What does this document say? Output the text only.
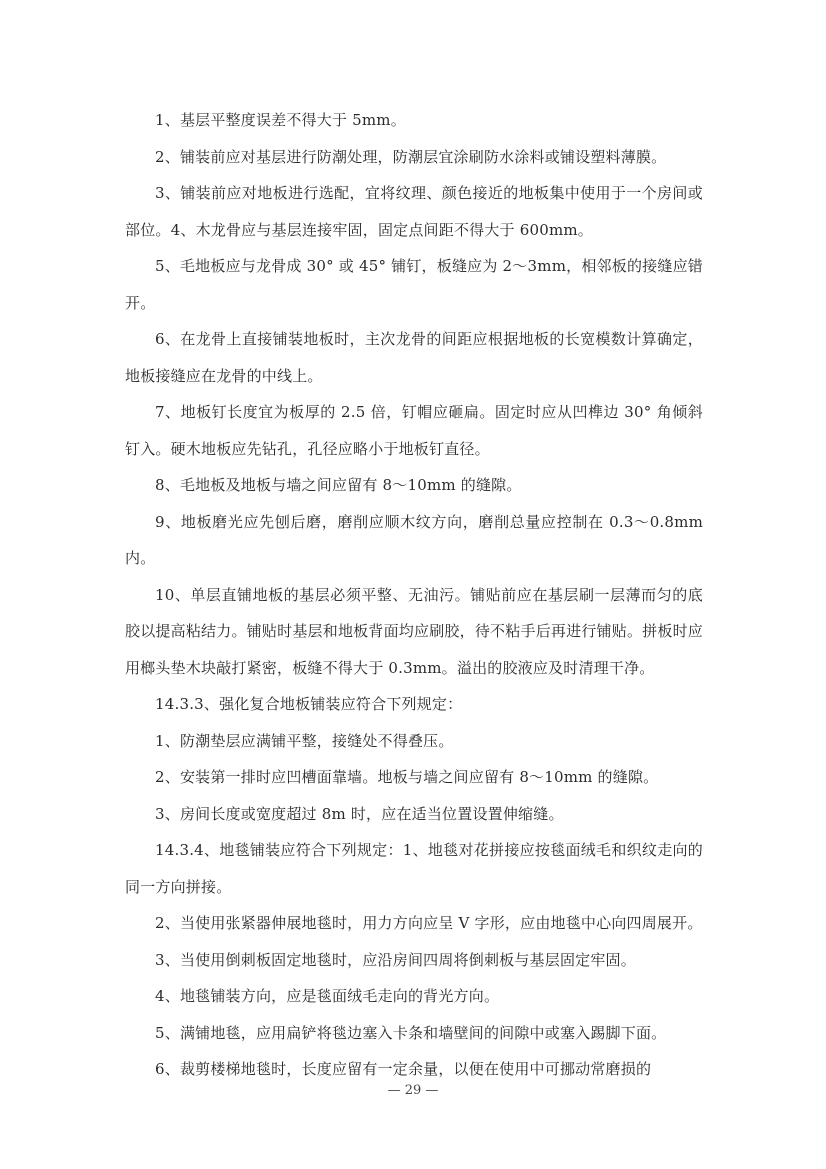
1、基层平整度误差不得大于 5mm。

2、铺装前应对基层进行防潮处理，防潮层宜涂刷防水涂料或铺设塑料薄膜。

3、铺装前应对地板进行选配，宜将纹理、颜色接近的地板集中使用于一个房间或部位。4、木龙骨应与基层连接牢固，固定点间距不得大于 600mm。

5、毛地板应与龙骨成 30° 或 45° 铺钉，板缝应为 2～3mm，相邻板的接缝应错开。

6、在龙骨上直接铺装地板时，主次龙骨的间距应根据地板的长宽模数计算确定，地板接缝应在龙骨的中线上。

7、地板钉长度宜为板厚的 2.5 倍，钉帽应砸扁。固定时应从凹榫边 30° 角倾斜钉入。硬木地板应先钻孔，孔径应略小于地板钉直径。

8、毛地板及地板与墙之间应留有 8～10mm 的缝隙。

9、地板磨光应先刨后磨，磨削应顺木纹方向，磨削总量应控制在 0.3～0.8mm 内。

10、单层直铺地板的基层必须平整、无油污。铺贴前应在基层刷一层薄而匀的底胶以提高粘结力。铺贴时基层和地板背面均应刷胶，待不粘手后再进行铺贴。拼板时应用榔头垫木块敲打紧密，板缝不得大于 0.3mm。溢出的胶液应及时清理干净。

14.3.3、强化复合地板铺装应符合下列规定：

1、防潮垫层应满铺平整，接缝处不得叠压。

2、安装第一排时应凹槽面靠墙。地板与墙之间应留有 8～10mm 的缝隙。

3、房间长度或宽度超过 8m 时，应在适当位置设置伸缩缝。

14.3.4、地毯铺装应符合下列规定：1、地毯对花拼接应按毯面绒毛和织纹走向的同一方向拼接。

2、当使用张紧器伸展地毯时，用力方向应呈 V 字形，应由地毯中心向四周展开。

3、当使用倒刺板固定地毯时，应沿房间四周将倒刺板与基层固定牢固。

4、地毯铺装方向，应是毯面绒毛走向的背光方向。

5、满铺地毯，应用扁铲将毯边塞入卡条和墙壁间的间隙中或塞入踢脚下面。

6、裁剪楼梯地毯时，长度应留有一定余量，以便在使用中可挪动常磨损的

— 29 —
